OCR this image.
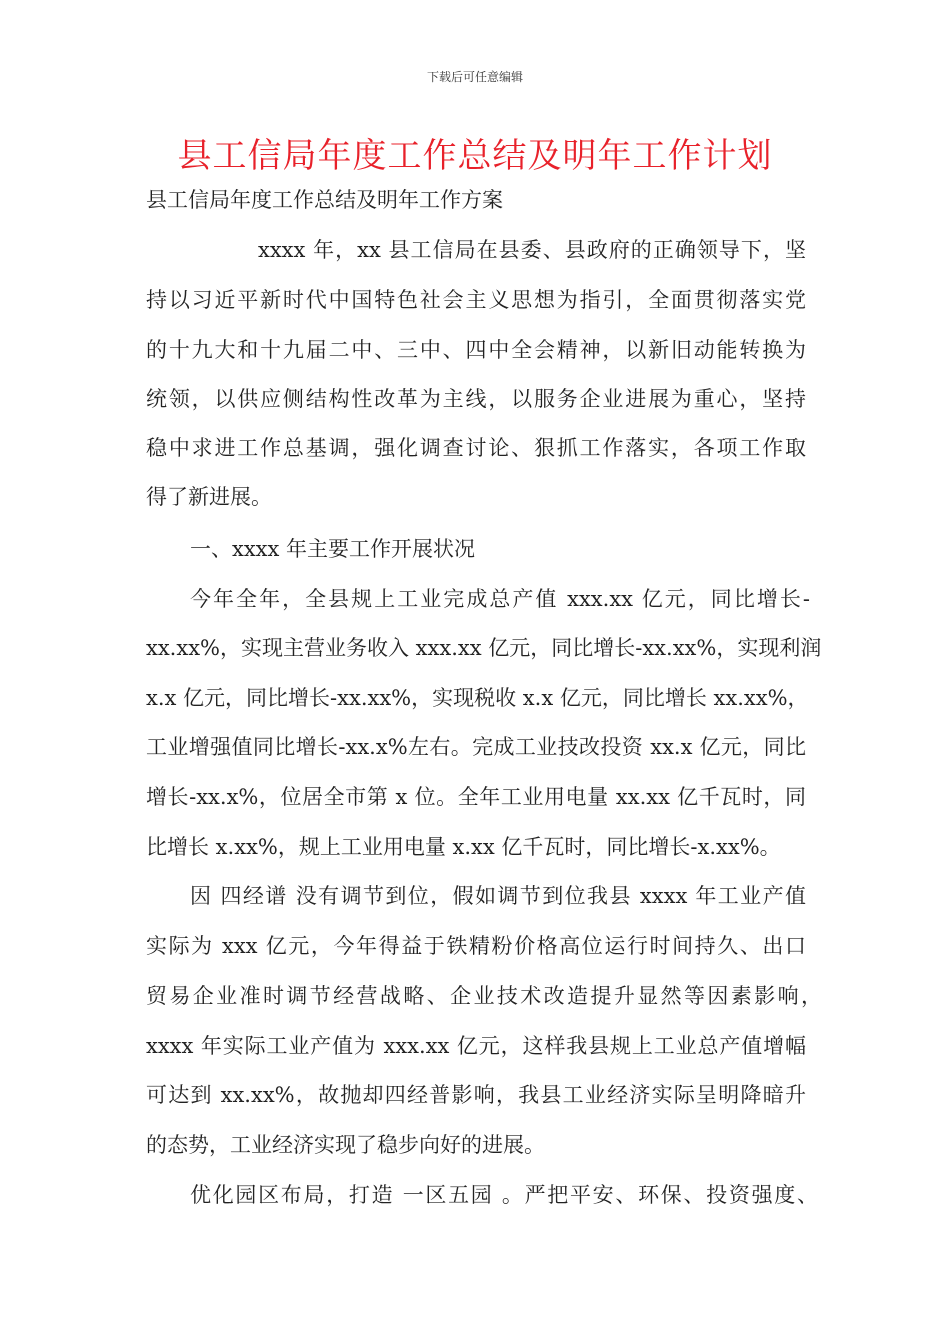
下载后可任意编辑
县工信局年度工作总结及明年工作计划
县工信局年度工作总结及明年工作方案
xxxx 年，xx 县工信局在县委、县政府的正确领导下，坚
持以习近平新时代中国特色社会主义思想为指引，全面贯彻落实党
的十九大和十九届二中、三中、四中全会精神，以新旧动能转换为
统领，以供应侧结构性改革为主线，以服务企业进展为重心，坚持
稳中求进工作总基调，强化调查讨论、狠抓工作落实，各项工作取
得了新进展。
一、xxxx 年主要工作开展状况
今年全年，全县规上工业完成总产值 xxx.xx 亿元，同比增长-
xx.xx%，实现主营业务收入 xxx.xx 亿元，同比增长-xx.xx%，实现利润
x.x 亿元，同比增长-xx.xx%，实现税收 x.x 亿元，同比增长 xx.xx%，
工业增强值同比增长-xx.x%左右。完成工业技改投资 xx.x 亿元，同比
增长-xx.x%，位居全市第 x 位。全年工业用电量 xx.xx 亿千瓦时，同
比增长 x.xx%，规上工业用电量 x.xx 亿千瓦时，同比增长-x.xx%。
因 四经谱 没有调节到位，假如调节到位我县 xxxx 年工业产值
实际为 xxx 亿元，今年得益于铁精粉价格高位运行时间持久、出口
贸易企业准时调节经营战略、企业技术改造提升显然等因素影响，
xxxx 年实际工业产值为 xxx.xx 亿元，这样我县规上工业总产值增幅
可达到 xx.xx%，故抛却四经普影响，我县工业经济实际呈明降暗升
的态势，工业经济实现了稳步向好的进展。
优化园区布局，打造 一区五园 。严把平安、环保、投资强度、
